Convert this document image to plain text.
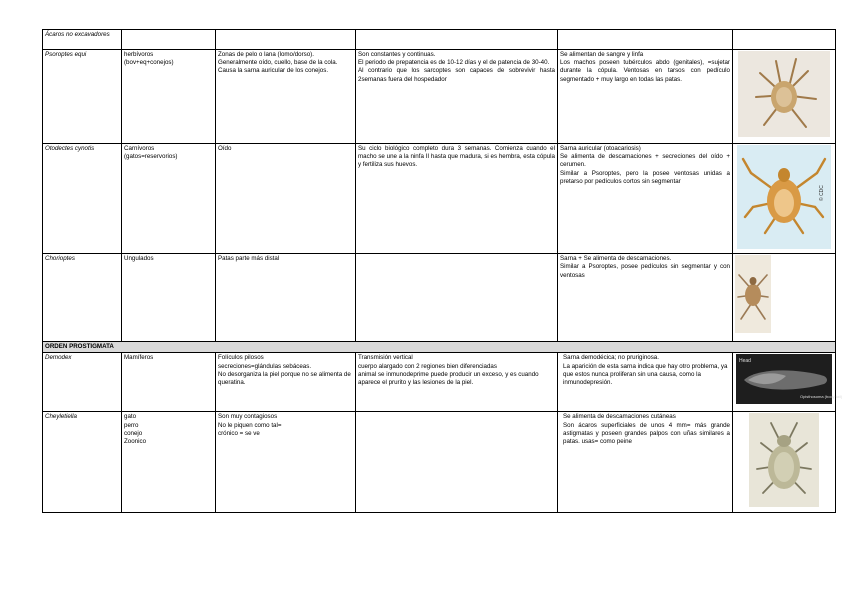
Ácaros no excavadores					
Psoroptes equi	herbívoros
(bov+eq+conejos)	Zonas de pelo o lana (lomo/dorso).
Generalmente oído, cuello, base de la cola.
Causa la sarna auricular de los conejos.	Son constantes y continuas.
El periodo de prepatencia es de 10-12 días y el de patencia de 30-40.
Al contrario que los sarcoptes son capaces de sobrevivir hasta 2semanas fuera del hospedador	Se alimentan de sangre y linfa
Los machos poseen tubérculos abdo (genitales), =sujetar durante la cópula. Ventosas en tarsos con pedículo segmentado + muy largo en todas las patas.

Otodectes cynotis	Carnívoros
(gatos=reservorios)	Oído	Su ciclo biológico completo dura 3 semanas. Comienza cuando el macho se une a la ninfa II hasta que madura, si es hembra, esta cópula y fertiliza sus huevos.	Sarna auricular (otoacariosis)
Se alimenta de descamaciones + secreciones del oído + cerumen.
Similar a Psoroptes, pero la posee ventosas unidas a pretarso por pedículos cortos sin segmentar	© CDC

Chorioptes	Ungulados	Patas parte más distal		Sarna + Se alimenta de descamaciones.
Similar a Psoroptes, posee pedículos sin segmentar y con ventosas

ORDEN PROSTIGMATA					
Demodex	Mamíferos	Folículos pilosos
secreciones=glándulas sebáceas.
No desorganiza la piel porque no se alimenta de queratina.	Transmisión vertical
cuerpo alargado con 2 regiones bien diferenciadas
animal se inmunodeprime puede producir un exceso, y es cuando aparece el prurito y las lesiones de la piel.	Sarna demodécica; no pruriginosa.
La aparición de esta sarna indica que hay otro problema, ya que estos nunca proliferan sin una causa, como la inmunodepresión.	Head
Opisthosoma (body tail)

Cheyletiella	gato
perro
conejo
Zoonico	Son muy contagiosos
No le piquen como tal=
crónico = se ve		Se alimenta de descamaciones cutáneas
Son ácaros superficiales de unos 4 mm= más grande astigmatas y poseen grandes palpos con uñas similares a patas. usas= como peine
